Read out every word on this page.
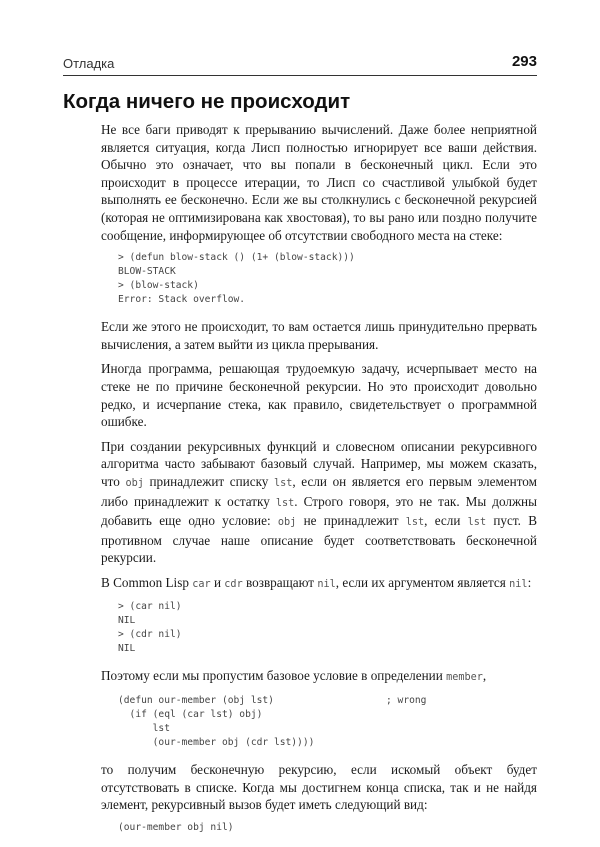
Отладка	293
Когда ничего не происходит

Не все баги приводят к прерыванию вычислений. Даже более неприятной является ситуация, когда Лисп полностью игнорирует все ваши действия. Обычно это означает, что вы попали в бесконечный цикл. Если это происходит в процессе итерации, то Лисп со счастливой улыбкой будет выполнять ее бесконечно. Если же вы столкнулись с бесконечной рекурсией (которая не оптимизирована как хвостовая), то вы рано или поздно получите сообщение, информирующее об отсутствии свободного места на стеке:

> (defun blow-stack () (1+ (blow-stack)))
BLOW-STACK
> (blow-stack)
Error: Stack overflow.

Если же этого не происходит, то вам остается лишь принудительно прервать вычисления, а затем выйти из цикла прерывания.

Иногда программа, решающая трудоемкую задачу, исчерпывает место на стеке не по причине бесконечной рекурсии. Но это происходит довольно редко, и исчерпание стека, как правило, свидетельствует о программной ошибке.

При создании рекурсивных функций и словесном описании рекурсивного алгоритма часто забывают базовый случай. Например, мы можем сказать, что obj принадлежит списку lst, если он является его первым элементом либо принадлежит к остатку lst. Строго говоря, это не так. Мы должны добавить еще одно условие: obj не принадлежит lst, если lst пуст. В противном случае наше описание будет соответствовать бесконечной рекурсии.

В Common Lisp car и cdr возвращают nil, если их аргументом является nil:

> (car nil)
NIL
> (cdr nil)
NIL

Поэтому если мы пропустим базовое условие в определении member,

(defun our-member (obj lst)	; wrong
(if (eql (car lst) obj)
lst
(our-member obj (cdr lst))))

то получим бесконечную рекурсию, если искомый объект будет отсутствовать в списке. Когда мы достигнем конца списка, так и не найдя элемент, рекурсивный вызов будет иметь следующий вид:

(our-member obj nil)
